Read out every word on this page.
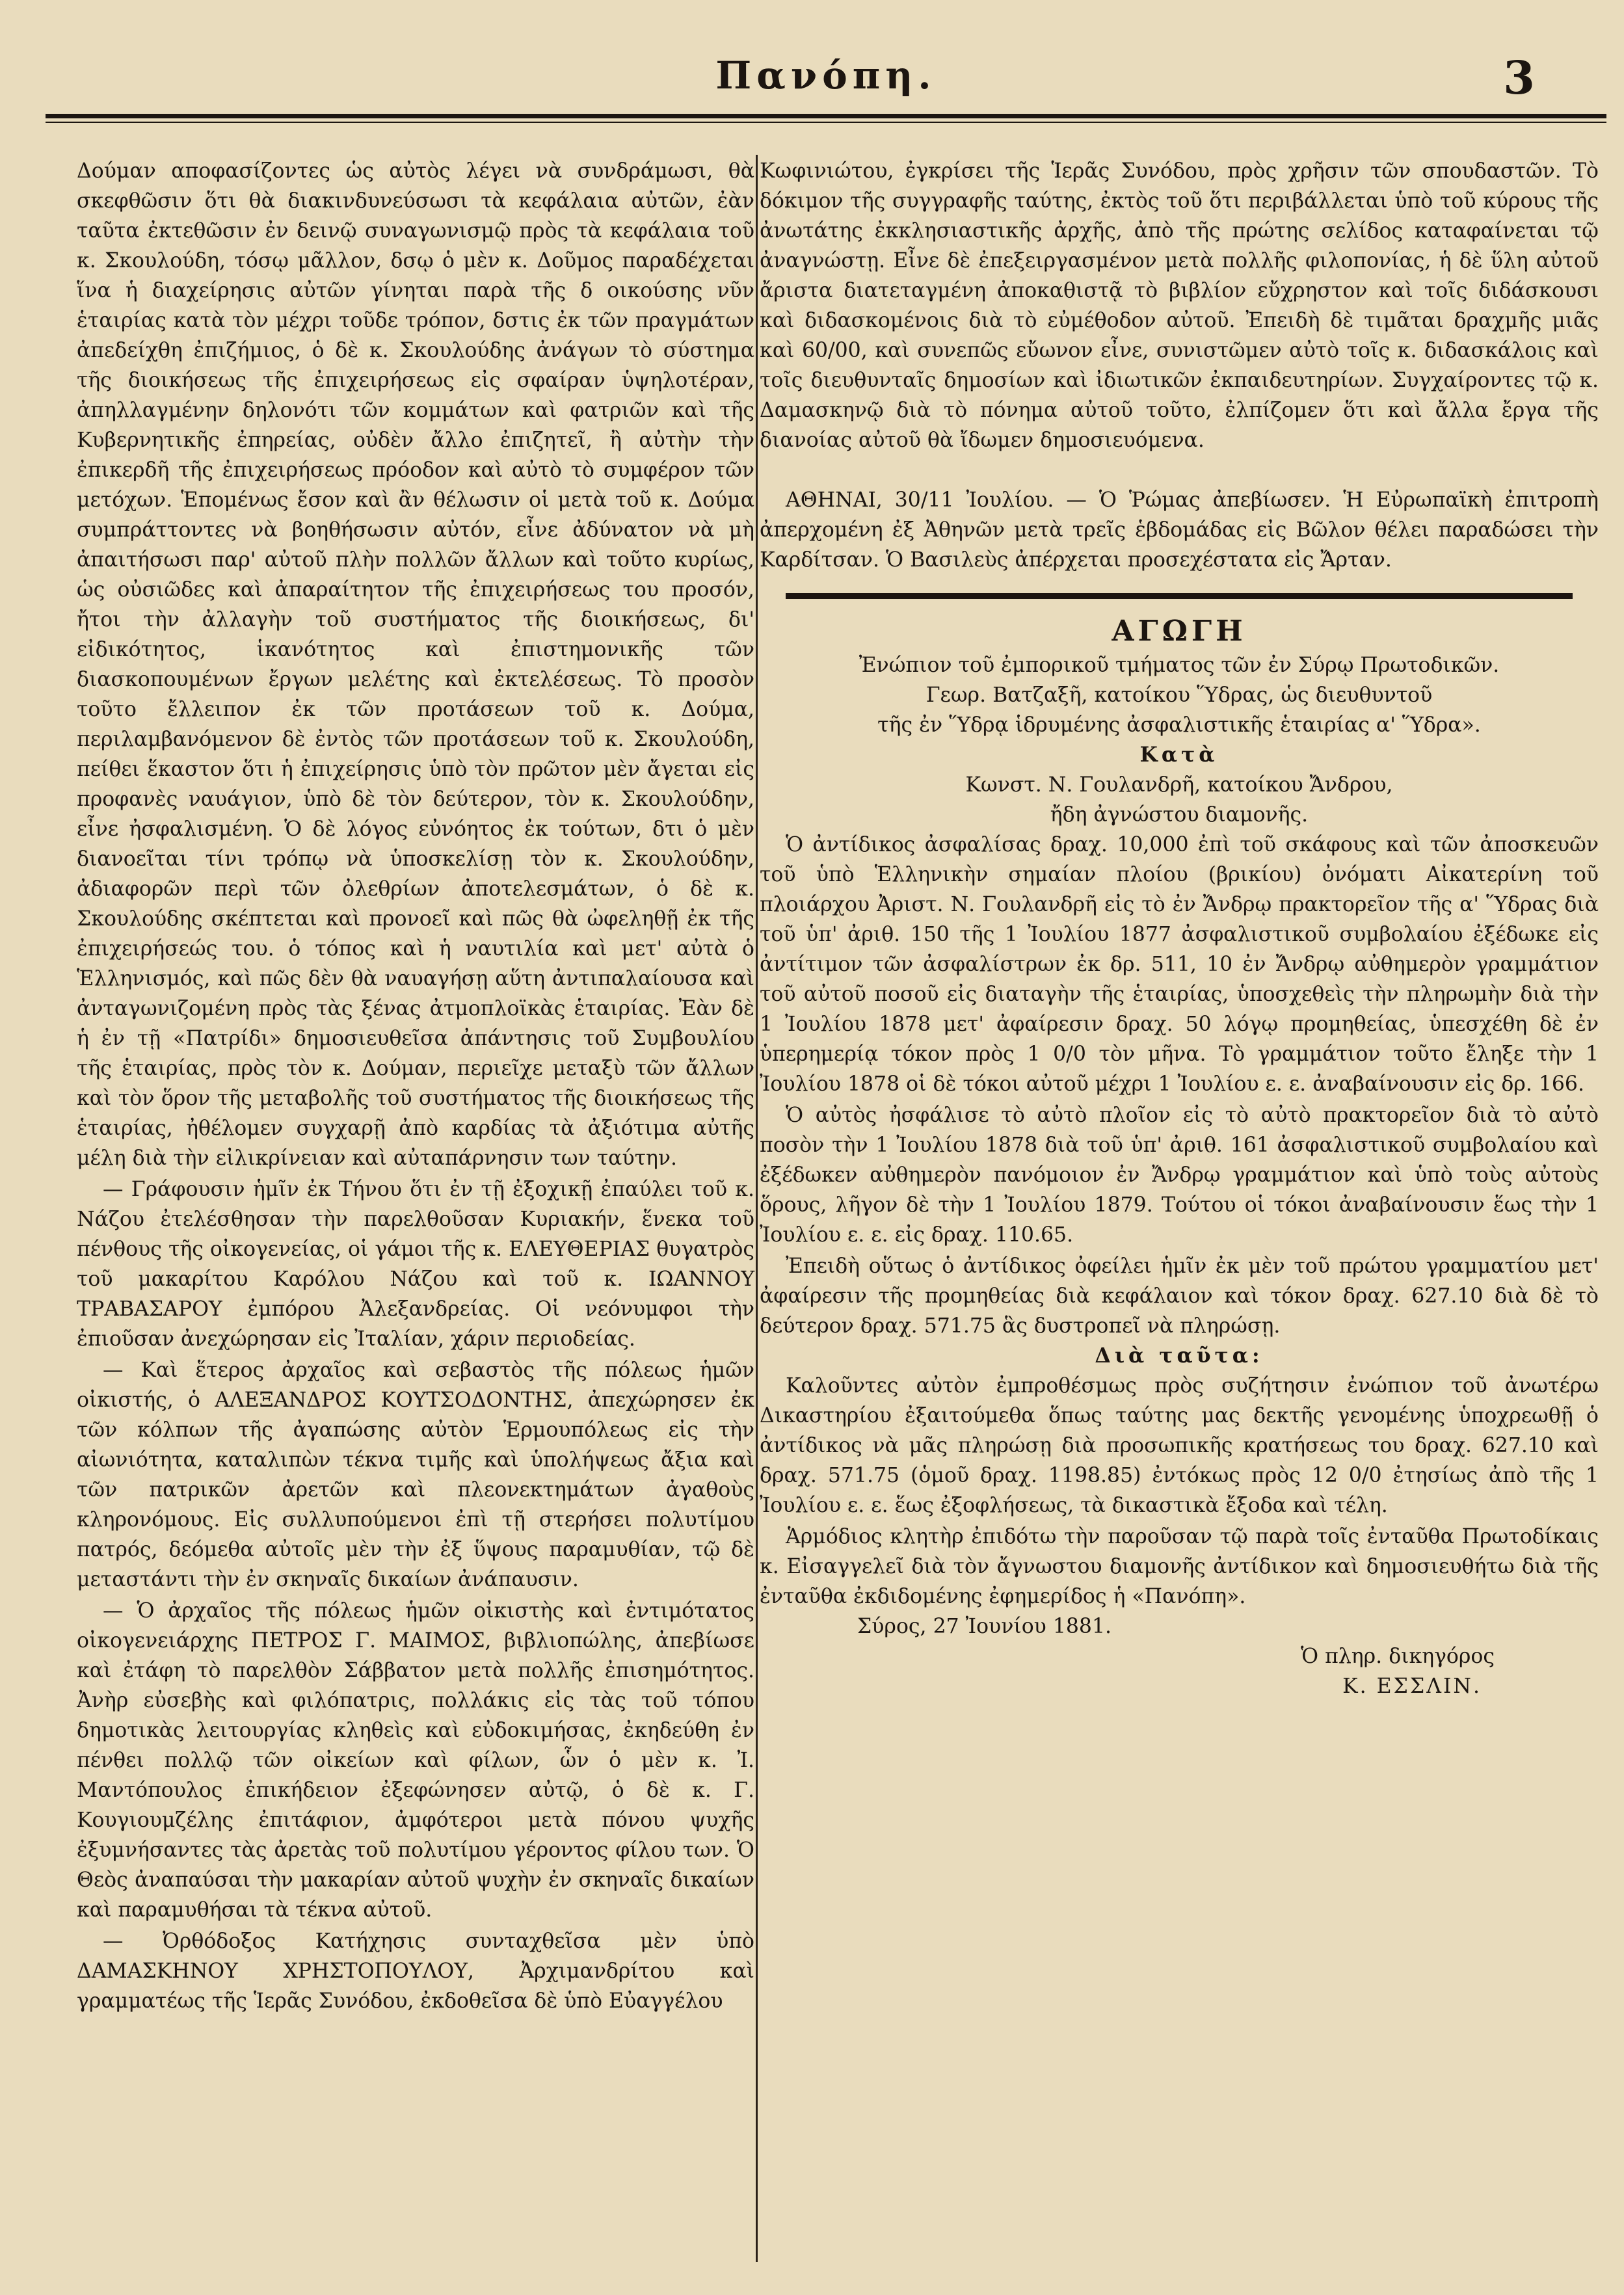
Πανόπη.	3

Δούμαν αποφασίζοντες ὡς αὐτὸς λέγει νὰ συνδράμωσι, θὰ σκεφθῶσιν ὅτι θὰ διακινδυνεύσωσι τὰ κεφάλαια αὐτῶν, ἐὰν ταῦτα ἐκτεθῶσιν ἐν δεινῷ συναγωνισμῷ πρὸς τὰ κεφάλαια τοῦ κ. Σκουλούδη, τόσῳ μᾶλλον, δσῳ ὁ μὲν κ. Δοῦμος παραδέχεται ἵνα ἡ διαχείρησις αὐτῶν γίνηται παρὰ τῆς δ οικούσης νῦν ἑταιρίας κατὰ τὸν μέχρι τοῦδε τρόπον, δστις ἐκ τῶν πραγμάτων ἀπεδείχθη ἐπιζήμιος, ὁ δὲ κ. Σκουλούδης ἀνάγων τὸ σύστημα τῆς διοικήσεως τῆς ἐπιχειρήσεως εἰς σφαίραν ὑψηλοτέραν, ἀπηλλαγμένην δηλονότι τῶν κομμάτων καὶ φατριῶν καὶ τῆς Κυβερνητικῆς ἐπηρείας, οὐδὲν ἄλλο ἐπιζητεῖ, ἢ αὐτὴν τὴν ἐπικερδῆ τῆς ἐπιχειρήσεως πρόοδον καὶ αὐτὸ τὸ συμφέρον τῶν μετόχων. Ἑπομένως ἔσον καὶ ἂν θέλωσιν οἱ μετὰ τοῦ κ. Δούμα συμπράττοντες νὰ βοηθήσωσιν αὐτόν, εἶνε ἀδύνατον νὰ μὴ ἀπαιτήσωσι παρ' αὐτοῦ πλὴν πολλῶν ἄλλων καὶ τοῦτο κυρίως, ὡς οὐσιῶδες καὶ ἀπαραίτητον τῆς ἐπιχειρήσεως του προσόν, ἤτοι τὴν ἀλλαγὴν τοῦ συστήματος τῆς διοικήσεως, δι' εἰδικότητος, ἱκανότητος καὶ ἐπιστημονικῆς τῶν διασκοπουμένων ἔργων μελέτης καὶ ἐκτελέσεως. Τὸ προσὸν τοῦτο ἔλλειπον ἐκ τῶν προτάσεων τοῦ κ. Δούμα, περιλαμβανόμενον δὲ ἐντὸς τῶν προτάσεων τοῦ κ. Σκουλούδη, πείθει ἕκαστον ὅτι ἡ ἐπιχείρησις ὑπὸ τὸν πρῶτον μὲν ἄγεται εἰς προφανὲς ναυάγιον, ὑπὸ δὲ τὸν δεύτερον, τὸν κ. Σκουλούδην, εἶνε ἠσφαλισμένη. Ὁ δὲ λόγος εὐνόητος ἐκ τούτων, δτι ὁ μὲν διανοεῖται τίνι τρόπῳ νὰ ὑποσκελίσῃ τὸν κ. Σκουλούδην, ἀδιαφορῶν περὶ τῶν ὀλεθρίων ἀποτελεσμάτων, ὁ δὲ κ. Σκουλούδης σκέπτεται καὶ προνοεῖ καὶ πῶς θὰ ὠφεληθῇ ἐκ τῆς ἐπιχειρήσεώς του. ὁ τόπος καὶ ἡ ναυτιλία καὶ μετ' αὐτὰ ὁ Ἑλληνισμός, καὶ πῶς δὲν θὰ ναυαγήσῃ αὕτη ἀντιπαλαίουσα καὶ ἀνταγωνιζομένη πρὸς τὰς ξένας ἀτμοπλοϊκὰς ἑταιρίας. Ἐὰν δὲ ἡ ἐν τῇ «Πατρίδι» δημοσιευθεῖσα ἀπάντησις τοῦ Συμβουλίου τῆς ἑταιρίας, πρὸς τὸν κ. Δούμαν, περιεῖχε μεταξὺ τῶν ἄλλων καὶ τὸν ὅρον τῆς μεταβολῆς τοῦ συστήματος τῆς διοικήσεως τῆς ἑταιρίας, ἠθέλομεν συγχαρῇ ἀπὸ καρδίας τὰ ἀξιότιμα αὐτῆς μέλη διὰ τὴν εἰλικρίνειαν καὶ αὐταπάρνησιν των ταύτην.

— Γράφουσιν ἡμῖν ἐκ Τήνου ὅτι ἐν τῇ ἐξοχικῇ ἐπαύλει τοῦ κ. Νάζου ἐτελέσθησαν τὴν παρελθοῦσαν Κυριακήν, ἕνεκα τοῦ πένθους τῆς οἰκογενείας, οἱ γάμοι τῆς κ. ΕΛΕΥΘΕΡΙΑΣ θυγατρὸς τοῦ μακαρίτου Καρόλου Νάζου καὶ τοῦ κ. ΙΩΑΝΝΟΥ ΤΡΑΒΑΣΑΡΟΥ ἐμπόρου Ἀλεξανδρείας. Οἱ νεόνυμφοι τὴν ἐπιοῦσαν ἀνεχώρησαν εἰς Ἰταλίαν, χάριν περιοδείας.

— Καὶ ἕτερος ἀρχαῖος καὶ σεβαστὸς τῆς πόλεως ἡμῶν οἰκιστής, ὁ ΑΛΕΞΑΝΔΡΟΣ ΚΟΥΤΣΟΔΟΝΤΗΣ, ἀπεχώρησεν ἐκ τῶν κόλπων τῆς ἀγαπώσης αὐτὸν Ἑρμουπόλεως εἰς τὴν αἰωνιότητα, καταλιπὼν τέκνα τιμῆς καὶ ὑπολήψεως ἄξια καὶ τῶν πατρικῶν ἀρετῶν καὶ πλεονεκτημάτων ἀγαθοὺς κληρονόμους. Εἰς συλλυπούμενοι ἐπὶ τῇ στερήσει πολυτίμου πατρός, δεόμεθα αὐτοῖς μὲν τὴν ἐξ ὕψους παραμυθίαν, τῷ δὲ μεταστάντι τὴν ἐν σκηναῖς δικαίων ἀνάπαυσιν.

— Ὁ ἀρχαῖος τῆς πόλεως ἡμῶν οἰκιστὴς καὶ ἐντιμότατος οἰκογενειάρχης ΠΕΤΡΟΣ Γ. ΜΑΙΜΟΣ, βιβλιοπώλης, ἀπεβίωσε καὶ ἐτάφη τὸ παρελθὸν Σάββατον μετὰ πολλῆς ἐπισημότητος. Ἀνὴρ εὐσεβὴς καὶ φιλόπατρις, πολλάκις εἰς τὰς τοῦ τόπου δημοτικὰς λειτουργίας κληθεὶς καὶ εὐδοκιμήσας, ἐκηδεύθη ἐν πένθει πολλῷ τῶν οἰκείων καὶ φίλων, ὧν ὁ μὲν κ. Ἰ. Μαντόπουλος ἐπικήδειον ἐξεφώνησεν αὐτῷ, ὁ δὲ κ. Γ. Κουγιουμζέλης ἐπιτάφιον, ἀμφότεροι μετὰ πόνου ψυχῆς ἐξυμνήσαντες τὰς ἀρετὰς τοῦ πολυτίμου γέροντος φίλου των. Ὁ Θεὸς ἀναπαύσαι τὴν μακαρίαν αὐτοῦ ψυχὴν ἐν σκηναῖς δικαίων καὶ παραμυθήσαι τὰ τέκνα αὐτοῦ.

— Ὀρθόδοξος Κατήχησις συνταχθεῖσα μὲν ὑπὸ ΔΑΜΑΣΚΗΝΟΥ ΧΡΗΣΤΟΠΟΥΛΟΥ, Ἀρχιμανδρίτου καὶ γραμματέως τῆς Ἱερᾶς Συνόδου, ἐκδοθεῖσα δὲ ὑπὸ Εὐαγγέλου

Κωφινιώτου, ἐγκρίσει τῆς Ἱερᾶς Συνόδου, πρὸς χρῆσιν τῶν σπουδαστῶν. Τὸ δόκιμον τῆς συγγραφῆς ταύτης, ἐκτὸς τοῦ ὅτι περιβάλλεται ὑπὸ τοῦ κύρους τῆς ἀνωτάτης ἐκκλησιαστικῆς ἀρχῆς, ἀπὸ τῆς πρώτης σελίδος καταφαίνεται τῷ ἀναγνώστῃ. Εἶνε δὲ ἐπεξειργασμένον μετὰ πολλῆς φιλοπονίας, ἡ δὲ ὕλη αὐτοῦ ἄριστα διατεταγμένη ἀποκαθιστᾷ τὸ βιβλίον εὔχρηστον καὶ τοῖς διδάσκουσι καὶ διδασκομένοις διὰ τὸ εὐμέθοδον αὐτοῦ. Ἐπειδὴ δὲ τιμᾶται δραχμῆς μιᾶς καὶ 60/00, καὶ συνεπῶς εὔωνον εἶνε, συνιστῶμεν αὐτὸ τοῖς κ. διδασκάλοις καὶ τοῖς διευθυνταῖς δημοσίων καὶ ἰδιωτικῶν ἐκπαιδευτηρίων. Συγχαίροντες τῷ κ. Δαμασκηνῷ διὰ τὸ πόνημα αὐτοῦ τοῦτο, ἐλπίζομεν ὅτι καὶ ἄλλα ἔργα τῆς διανοίας αὐτοῦ θὰ ἴδωμεν δημοσιευόμενα.

ΑΘΗΝΑΙ, 30/11 Ἰουλίου. — Ὁ Ῥώμας ἀπεβίωσεν. Ἡ Εὐρωπαϊκὴ ἐπιτροπὴ ἀπερχομένη ἐξ Ἀθηνῶν μετὰ τρεῖς ἑβδομάδας εἰς Βῶλον θέλει παραδώσει τὴν Καρδίτσαν. Ὁ Βασιλεὺς ἀπέρχεται προσεχέστατα εἰς Ἄρταν.

ΑΓΩΓΗ

Ἐνώπιον τοῦ ἐμπορικοῦ τμήματος τῶν ἐν Σύρῳ Πρωτοδικῶν.

Γεωρ. Βατζαξῆ, κατοίκου Ὕδρας, ὡς διευθυντοῦ

τῆς ἐν Ὕδρᾳ ἱδρυμένης ἀσφαλιστικῆς ἑταιρίας α' Ὕδρα».

Κατὰ

Κωνστ. Ν. Γουλανδρῆ, κατοίκου Ἄνδρου,

ἤδη ἀγνώστου διαμονῆς.

Ὁ ἀντίδικος ἀσφαλίσας δραχ. 10,000 ἐπὶ τοῦ σκάφους καὶ τῶν ἀποσκευῶν τοῦ ὑπὸ Ἑλληνικὴν σημαίαν πλοίου (βρικίου) ὀνόματι Αἰκατερίνη τοῦ πλοιάρχου Ἀριστ. Ν. Γουλανδρῆ εἰς τὸ ἐν Ἄνδρῳ πρακτορεῖον τῆς α' Ὕδρας διὰ τοῦ ὑπ' ἀριθ. 150 τῆς 1 Ἰουλίου 1877 ἀσφαλιστικοῦ συμβολαίου ἐξέδωκε εἰς ἀντίτιμον τῶν ἀσφαλίστρων ἐκ δρ. 511, 10 ἐν Ἄνδρῳ αὐθημερὸν γραμμάτιον τοῦ αὐτοῦ ποσοῦ εἰς διαταγὴν τῆς ἑταιρίας, ὑποσχεθεὶς τὴν πληρωμὴν διὰ τὴν 1 Ἰουλίου 1878 μετ' ἀφαίρεσιν δραχ. 50 λόγῳ προμηθείας, ὑπεσχέθη δὲ ἐν ὑπερημερίᾳ τόκον πρὸς 1 0/0 τὸν μῆνα. Τὸ γραμμάτιον τοῦτο ἔληξε τὴν 1 Ἰουλίου 1878 οἱ δὲ τόκοι αὐτοῦ μέχρι 1 Ἰουλίου ε. ε. ἀναβαίνουσιν εἰς δρ. 166.

Ὁ αὐτὸς ἠσφάλισε τὸ αὐτὸ πλοῖον εἰς τὸ αὐτὸ πρακτορεῖον διὰ τὸ αὐτὸ ποσὸν τὴν 1 Ἰουλίου 1878 διὰ τοῦ ὑπ' ἀριθ. 161 ἀσφαλιστικοῦ συμβολαίου καὶ ἐξέδωκεν αὐθημερὸν πανόμοιον ἐν Ἄνδρῳ γραμμάτιον καὶ ὑπὸ τοὺς αὐτοὺς ὅρους, λῆγον δὲ τὴν 1 Ἰουλίου 1879. Τούτου οἱ τόκοι ἀναβαίνουσιν ἕως τὴν 1 Ἰουλίου ε. ε. εἰς δραχ. 110.65.

Ἐπειδὴ οὕτως ὁ ἀντίδικος ὀφείλει ἡμῖν ἐκ μὲν τοῦ πρώτου γραμματίου μετ' ἀφαίρεσιν τῆς προμηθείας διὰ κεφάλαιον καὶ τόκον δραχ. 627.10 διὰ δὲ τὸ δεύτερον δραχ. 571.75 ἃς δυστροπεῖ νὰ πληρώσῃ.

Διὰ ταῦτα:

Καλοῦντες αὐτὸν ἐμπροθέσμως πρὸς συζήτησιν ἐνώπιον τοῦ ἀνωτέρω Δικαστηρίου ἐξαιτούμεθα ὅπως ταύτης μας δεκτῆς γενομένης ὑποχρεωθῇ ὁ ἀντίδικος νὰ μᾶς πληρώσῃ διὰ προσωπικῆς κρατήσεως του δραχ. 627.10 καὶ δραχ. 571.75 (ὁμοῦ δραχ. 1198.85) ἐντόκως πρὸς 12 0/0 ἐτησίως ἀπὸ τῆς 1 Ἰουλίου ε. ε. ἕως ἐξοφλήσεως, τὰ δικαστικὰ ἔξοδα καὶ τέλη.

Ἁρμόδιος κλητὴρ ἐπιδότω τὴν παροῦσαν τῷ παρὰ τοῖς ἐνταῦθα Πρωτοδίκαις κ. Εἰσαγγελεῖ διὰ τὸν ἄγνωστου διαμονῆς ἀντίδικον καὶ δημοσιευθήτω διὰ τῆς ἐνταῦθα ἐκδιδομένης ἐφημερίδος ἡ «Πανόπη».

Σύρος, 27 Ἰουνίου 1881.

Ὁ πληρ. δικηγόρος

Κ. ΕΣΣΛΙΝ.
